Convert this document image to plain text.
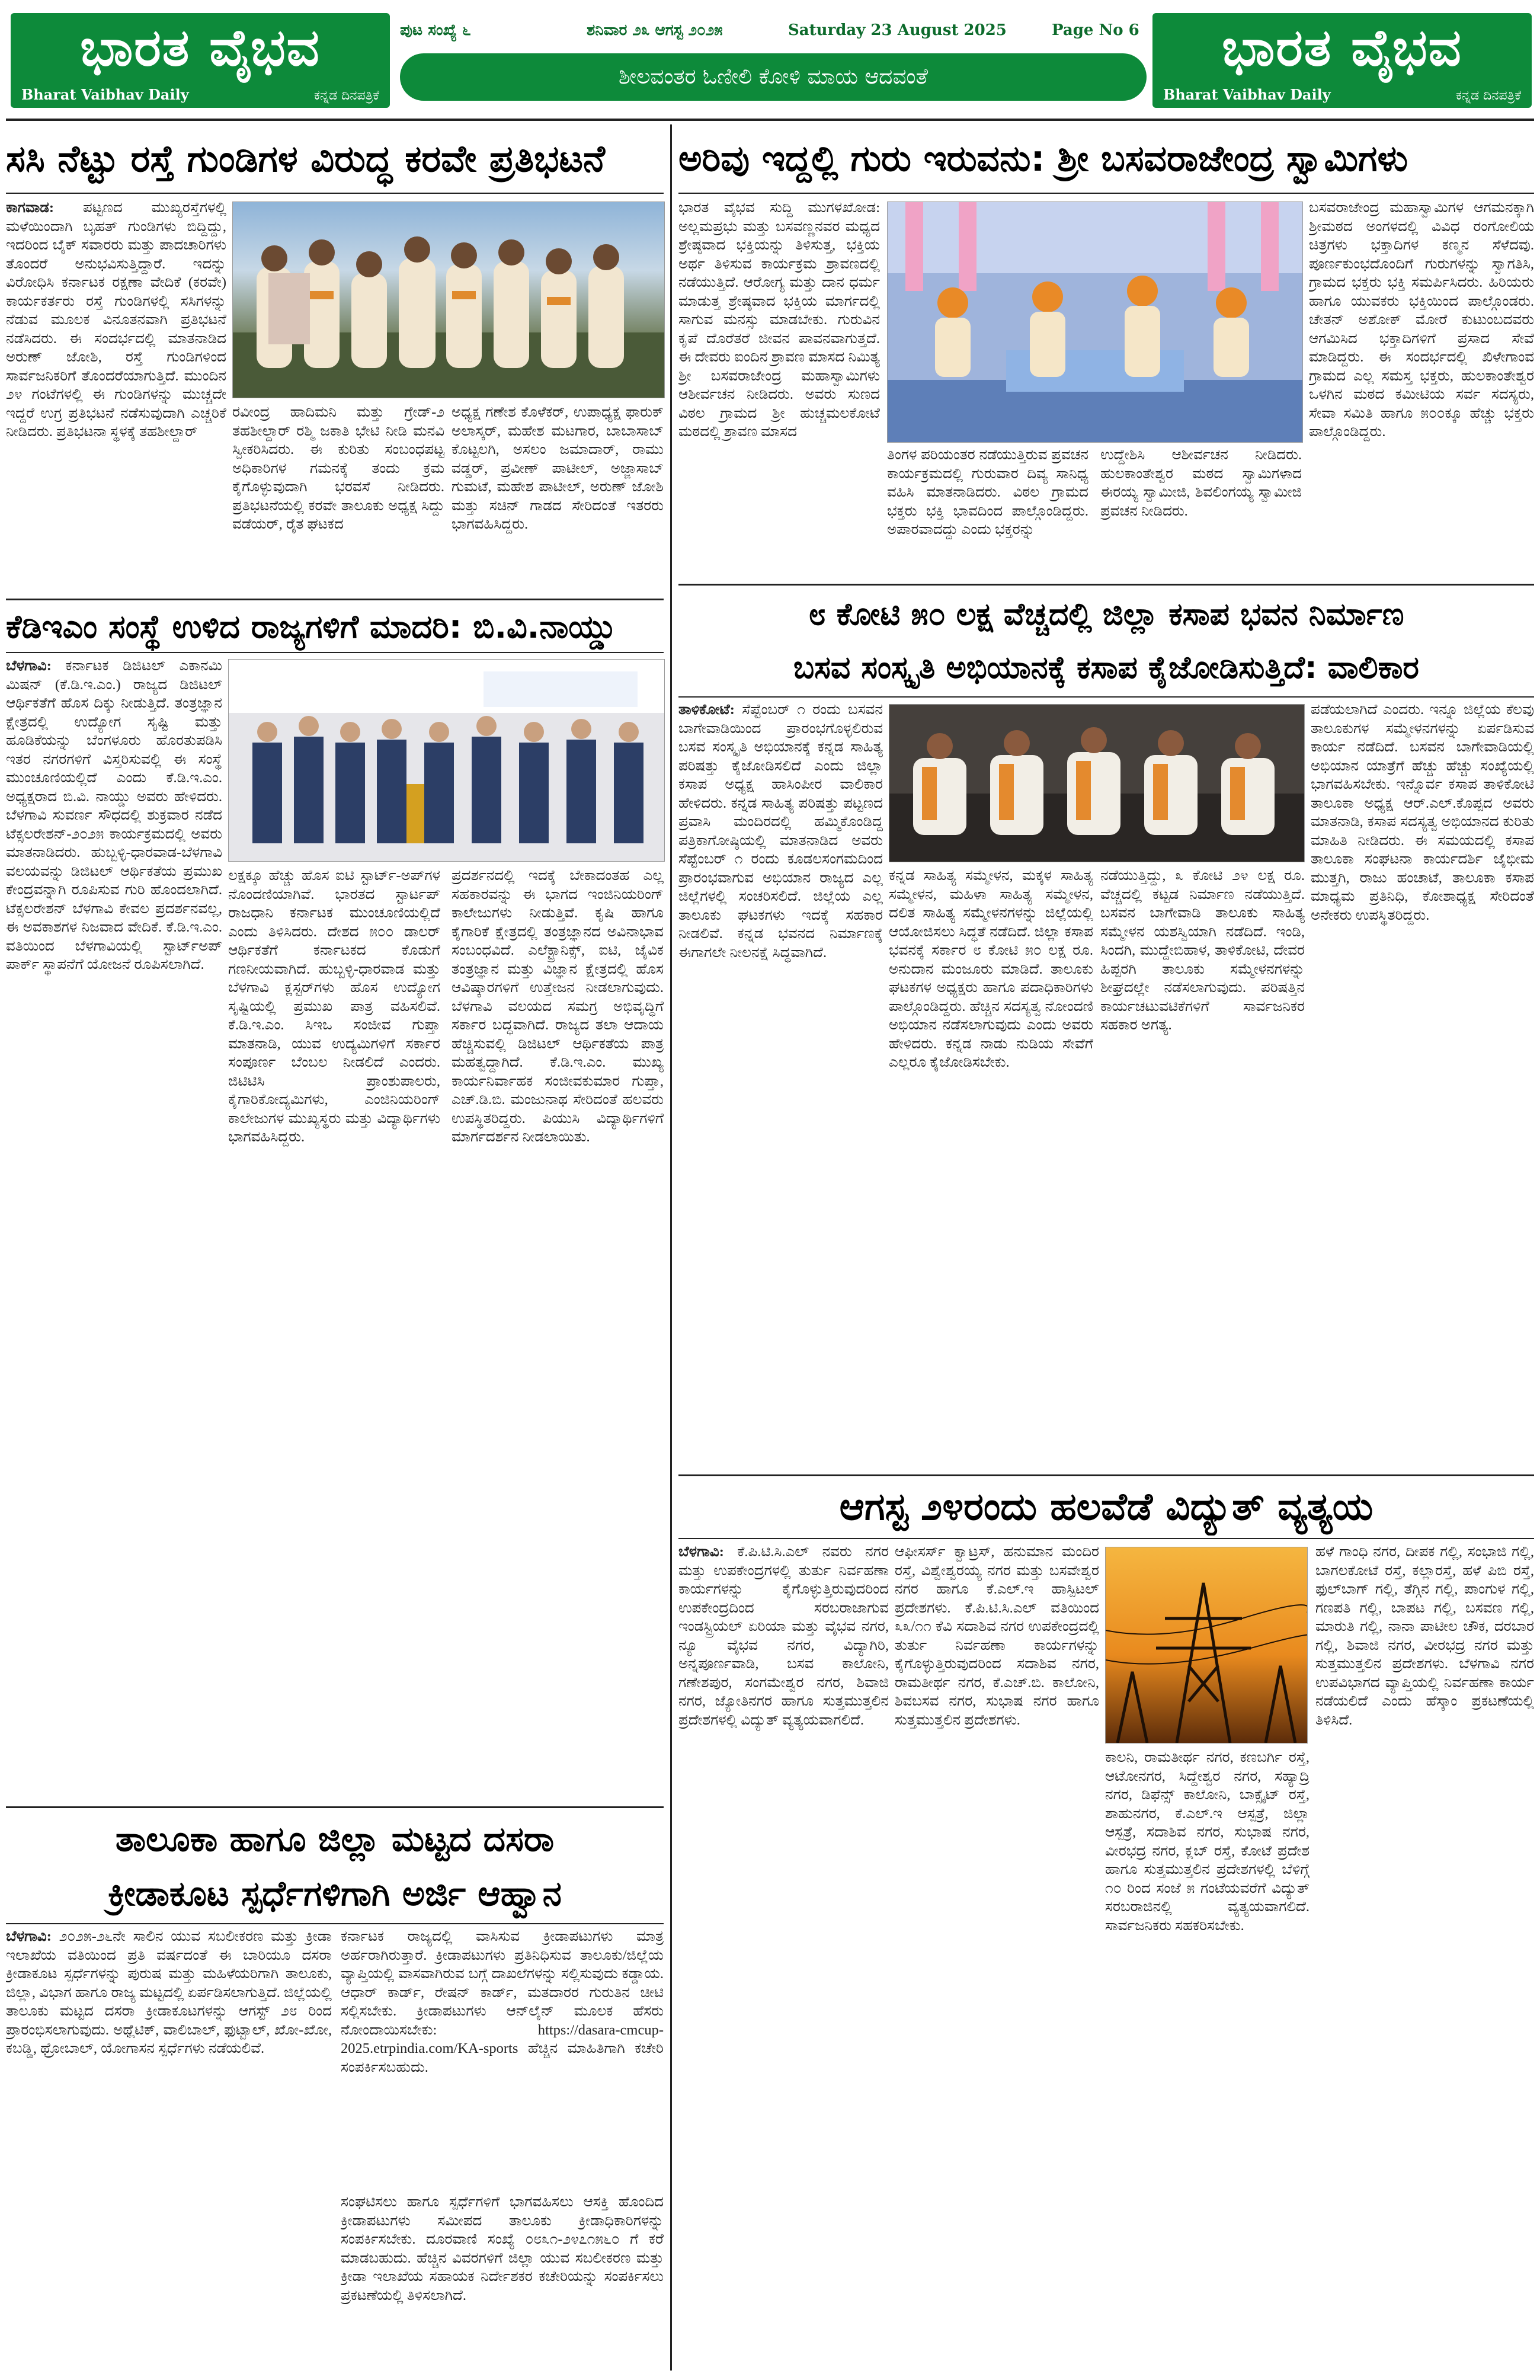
ಭಾರತ ವೈಭವ
Bharat Vaibhav Daily	ಕನ್ನಡ ದಿನಪತ್ರಿಕೆ
ಪುಟ ಸಂಖ್ಯೆ ೬	ಶನಿವಾರ ೨೩ ಆಗಸ್ಟ ೨೦೨೫	Saturday 23 August 2025	Page No 6
ಶೀಲವಂತರ ಓಣೀಲಿ ಕೋಳಿ ಮಾಯ ಆದವಂತೆ	ಭಾರತ ವೈಭವ
Bharat Vaibhav Daily	ಕನ್ನಡ ದಿನಪತ್ರಿಕೆ
ಸಸಿ ನೆಟ್ಟು ರಸ್ತೆ ಗುಂಡಿಗಳ ವಿರುದ್ಧ ಕರವೇ ಪ್ರತಿಭಟನೆ
ಕಾಗವಾಡ: ಪಟ್ಟಣದ ಮುಖ್ಯರಸ್ತೆಗಳಲ್ಲಿ ಮಳೆಯಿಂದಾಗಿ ಬೃಹತ್ ಗುಂಡಿಗಳು ಬಿದ್ದಿದ್ದು, ಇದರಿಂದ ಬೈಕ್ ಸವಾರರು ಮತ್ತು ಪಾದಚಾರಿಗಳು ತೊಂದರೆ ಅನುಭವಿಸುತ್ತಿದ್ದಾರೆ. ಇದನ್ನು ವಿರೋಧಿಸಿ ಕರ್ನಾಟಕ ರಕ್ಷಣಾ ವೇದಿಕೆ (ಕರವೇ) ಕಾರ್ಯಕರ್ತರು ರಸ್ತೆ ಗುಂಡಿಗಳಲ್ಲಿ ಸಸಿಗಳನ್ನು ನೆಡುವ ಮೂಲಕ ವಿನೂತನವಾಗಿ ಪ್ರತಿಭಟನೆ ನಡೆಸಿದರು. ಈ ಸಂದರ್ಭದಲ್ಲಿ ಮಾತನಾಡಿದ ಅರುಣ್ ಜೋಶಿ, ರಸ್ತೆ ಗುಂಡಿಗಳಿಂದ ಸಾರ್ವಜನಿಕರಿಗೆ ತೊಂದರೆಯಾಗುತ್ತಿದೆ. ಮುಂದಿನ ೨೪ ಗಂಟೆಗಳಲ್ಲಿ ಈ ಗುಂಡಿಗಳನ್ನು ಮುಚ್ಚದೇ ಇದ್ದರೆ ಉಗ್ರ ಪ್ರತಿಭಟನೆ ನಡೆಸುವುದಾಗಿ ಎಚ್ಚರಿಕೆ ನೀಡಿದರು. ಪ್ರತಿಭಟನಾ ಸ್ಥಳಕ್ಕೆ ತಹಶೀಲ್ದಾರ್
ರವೀಂದ್ರ ಹಾದಿಮನಿ ಮತ್ತು ಗ್ರೇಡ್-೨ ತಹಶೀಲ್ದಾರ್ ರಶ್ಮಿ ಜಕಾತಿ ಭೇಟಿ ನೀಡಿ ಮನವಿ ಸ್ವೀಕರಿಸಿದರು. ಈ ಕುರಿತು ಸಂಬಂಧಪಟ್ಟ ಅಧಿಕಾರಿಗಳ ಗಮನಕ್ಕೆ ತಂದು ಕ್ರಮ ಕೈಗೊಳ್ಳುವುದಾಗಿ ಭರವಸೆ ನೀಡಿದರು. ಪ್ರತಿಭಟನೆಯಲ್ಲಿ ಕರವೇ ತಾಲೂಕು ಅಧ್ಯಕ್ಷ ಸಿದ್ದು ವಡೆಯರ್, ರೈತ ಘಟಕದ
ಅಧ್ಯಕ್ಷ ಗಣೇಶ ಕೊಳೆಕರ್, ಉಪಾಧ್ಯಕ್ಷ ಫಾರುಕ್ ಅಲಾಸ್ಕರ್, ಮಹೇಶ ಮಟಗಾರ, ಬಾಬಾಸಾಬ್ ಕೊಟ್ಟಲಗಿ, ಅಸಲಂ ಜಮಾದಾರ್, ರಾಮು ವಡ್ಡರ್, ಪ್ರವೀಣ್ ಪಾಟೀಲ್, ಅಜ್ಜಾಸಾಬ್ ಗುಮಟೆ, ಮಹೇಶ ಪಾಟೀಲ್, ಅರುಣ್ ಜೋಶಿ ಮತ್ತು ಸಚಿನ್ ಗಾಡದ ಸೇರಿದಂತೆ ಇತರರು ಭಾಗವಹಿಸಿದ್ದರು.
ಕೆಡಿಇಎಂ ಸಂಸ್ಥೆ ಉಳಿದ ರಾಜ್ಯಗಳಿಗೆ ಮಾದರಿ: ಬಿ.ವಿ.ನಾಯ್ಡು
ಬೆಳಗಾವಿ: ಕರ್ನಾಟಕ ಡಿಜಿಟಲ್ ಎಕಾನಮಿ ಮಿಷನ್ (ಕೆ.ಡಿ.ಇ.ಎಂ.) ರಾಜ್ಯದ ಡಿಜಿಟಲ್ ಆರ್ಥಿಕತೆಗೆ ಹೊಸ ದಿಕ್ಕು ನೀಡುತ್ತಿದೆ. ತಂತ್ರಜ್ಞಾನ ಕ್ಷೇತ್ರದಲ್ಲಿ ಉದ್ಯೋಗ ಸೃಷ್ಟಿ ಮತ್ತು ಹೂಡಿಕೆಯನ್ನು ಬೆಂಗಳೂರು ಹೊರತುಪಡಿಸಿ ಇತರ ನಗರಗಳಿಗೆ ವಿಸ್ತರಿಸುವಲ್ಲಿ ಈ ಸಂಸ್ಥೆ ಮುಂಚೂಣಿಯಲ್ಲಿದೆ ಎಂದು ಕೆ.ಡಿ.ಇ.ಎಂ. ಅಧ್ಯಕ್ಷರಾದ ಬಿ.ವಿ. ನಾಯ್ಡು ಅವರು ಹೇಳಿದರು. ಬೆಳಗಾವಿ ಸುವರ್ಣ ಸೌಧದಲ್ಲಿ ಶುಕ್ರವಾರ ನಡೆದ ಟೆಕ್ಸಲರೇಶನ್-೨೦೨೫ ಕಾರ್ಯಕ್ರಮದಲ್ಲಿ ಅವರು ಮಾತನಾಡಿದರು. ಹುಬ್ಬಳ್ಳಿ-ಧಾರವಾಡ-ಬೆಳಗಾವಿ ವಲಯವನ್ನು ಡಿಜಿಟಲ್ ಆರ್ಥಿಕತೆಯ ಪ್ರಮುಖ ಕೇಂದ್ರವನ್ನಾಗಿ ರೂಪಿಸುವ ಗುರಿ ಹೊಂದಲಾಗಿದೆ. ಟೆಕ್ಸಲರೇಶನ್ ಬೆಳಗಾವಿ ಕೇವಲ ಪ್ರದರ್ಶನವಲ್ಲ, ಈ ಅವಕಾಶಗಳ ನಿಜವಾದ ವೇದಿಕೆ. ಕೆ.ಡಿ.ಇ.ಎಂ. ವತಿಯಿಂದ ಬೆಳಗಾವಿಯಲ್ಲಿ ಸ್ಟಾರ್ಟ್‌ಅಪ್ ಪಾರ್ಕ್ ಸ್ಥಾಪನೆಗೆ ಯೋಜನೆ ರೂಪಿಸಲಾಗಿದೆ.
ಲಕ್ಷಕ್ಕೂ ಹೆಚ್ಚು ಹೊಸ ಐಟಿ ಸ್ಟಾರ್ಟ್-ಅಪ್‌ಗಳ ನೊಂದಣಿಯಾಗಿವೆ. ಭಾರತದ ಸ್ಟಾರ್ಟಪ್ ರಾಜಧಾನಿ ಕರ್ನಾಟಕ ಮುಂಚೂಣಿಯಲ್ಲಿದೆ ಎಂದು ತಿಳಿಸಿದರು. ದೇಶದ ೫೦೦ ಡಾಲರ್ ಆರ್ಥಿಕತೆಗೆ ಕರ್ನಾಟಕದ ಕೊಡುಗೆ ಗಣನೀಯವಾಗಿದೆ. ಹುಬ್ಬಳ್ಳಿ-ಧಾರವಾಡ ಮತ್ತು ಬೆಳಗಾವಿ ಕ್ಲಸ್ಟರ್‌ಗಳು ಹೊಸ ಉದ್ಯೋಗ ಸೃಷ್ಟಿಯಲ್ಲಿ ಪ್ರಮುಖ ಪಾತ್ರ ವಹಿಸಲಿವೆ. ಕೆ.ಡಿ.ಇ.ಎಂ. ಸಿಇಒ ಸಂಜೀವ ಗುಪ್ತಾ ಮಾತನಾಡಿ, ಯುವ ಉದ್ಯಮಿಗಳಿಗೆ ಸರ್ಕಾರ ಸಂಪೂರ್ಣ ಬೆಂಬಲ ನೀಡಲಿದೆ ಎಂದರು. ಜಿಟಿಟಿಸಿ ಪ್ರಾಂಶುಪಾಲರು, ಕೈಗಾರಿಕೋದ್ಯಮಿಗಳು, ಎಂಜಿನಿಯರಿಂಗ್ ಕಾಲೇಜುಗಳ ಮುಖ್ಯಸ್ಥರು ಮತ್ತು ವಿದ್ಯಾರ್ಥಿಗಳು ಭಾಗವಹಿಸಿದ್ದರು.
ಪ್ರದರ್ಶನದಲ್ಲಿ ಇದಕ್ಕೆ ಬೇಕಾದಂತಹ ಎಲ್ಲ ಸಹಕಾರವನ್ನು ಈ ಭಾಗದ ಇಂಜಿನಿಯರಿಂಗ್ ಕಾಲೇಜುಗಳು ನೀಡುತ್ತಿವೆ. ಕೃಷಿ ಹಾಗೂ ಕೈಗಾರಿಕೆ ಕ್ಷೇತ್ರದಲ್ಲಿ ತಂತ್ರಜ್ಞಾನದ ಅವಿನಾಭಾವ ಸಂಬಂಧವಿದೆ. ಎಲೆಕ್ಟ್ರಾನಿಕ್ಸ್, ಐಟಿ, ಜೈವಿಕ ತಂತ್ರಜ್ಞಾನ ಮತ್ತು ವಿಜ್ಞಾನ ಕ್ಷೇತ್ರದಲ್ಲಿ ಹೊಸ ಆವಿಷ್ಕಾರಗಳಿಗೆ ಉತ್ತೇಜನ ನೀಡಲಾಗುವುದು. ಬೆಳಗಾವಿ ವಲಯದ ಸಮಗ್ರ ಅಭಿವೃದ್ಧಿಗೆ ಸರ್ಕಾರ ಬದ್ಧವಾಗಿದೆ. ರಾಜ್ಯದ ತಲಾ ಆದಾಯ ಹೆಚ್ಚಿಸುವಲ್ಲಿ ಡಿಜಿಟಲ್ ಆರ್ಥಿಕತೆಯ ಪಾತ್ರ ಮಹತ್ವದ್ದಾಗಿದೆ. ಕೆ.ಡಿ.ಇ.ಎಂ. ಮುಖ್ಯ ಕಾರ್ಯನಿರ್ವಾಹಕ ಸಂಜೀವಕುಮಾರ ಗುಪ್ತಾ, ಎಚ್.ಡಿ.ಬಿ. ಮಂಜುನಾಥ ಸೇರಿದಂತೆ ಹಲವರು ಉಪಸ್ಥಿತರಿದ್ದರು. ಪಿಯುಸಿ ವಿದ್ಯಾರ್ಥಿಗಳಿಗೆ ಮಾರ್ಗದರ್ಶನ ನೀಡಲಾಯಿತು.
ತಾಲೂಕಾ ಹಾಗೂ ಜಿಲ್ಲಾ ಮಟ್ಟದ ದಸರಾ
ಕ್ರೀಡಾಕೂಟ ಸ್ಪರ್ಧೆಗಳಿಗಾಗಿ ಅರ್ಜಿ ಆಹ್ವಾನ
ಬೆಳಗಾವಿ: ೨೦೨೫-೨೬ನೇ ಸಾಲಿನ ಯುವ ಸಬಲೀಕರಣ ಮತ್ತು ಕ್ರೀಡಾ ಇಲಾಖೆಯ ವತಿಯಿಂದ ಪ್ರತಿ ವರ್ಷದಂತೆ ಈ ಬಾರಿಯೂ ದಸರಾ ಕ್ರೀಡಾಕೂಟ ಸ್ಪರ್ಧೆಗಳನ್ನು ಪುರುಷ ಮತ್ತು ಮಹಿಳೆಯರಿಗಾಗಿ ತಾಲೂಕು, ಜಿಲ್ಲಾ, ವಿಭಾಗ ಹಾಗೂ ರಾಜ್ಯ ಮಟ್ಟದಲ್ಲಿ ಏರ್ಪಡಿಸಲಾಗುತ್ತಿದೆ. ಜಿಲ್ಲೆಯಲ್ಲಿ ತಾಲೂಕು ಮಟ್ಟದ ದಸರಾ ಕ್ರೀಡಾಕೂಟಗಳನ್ನು ಆಗಸ್ಟ್ ೨೮ ರಿಂದ ಪ್ರಾರಂಭಿಸಲಾಗುವುದು. ಅಥ್ಲೆಟಿಕ್, ವಾಲಿಬಾಲ್, ಫುಟ್ಬಾಲ್, ಖೋ-ಖೋ, ಕಬಡ್ಡಿ, ಥ್ರೋಬಾಲ್, ಯೋಗಾಸನ ಸ್ಪರ್ಧೆಗಳು ನಡೆಯಲಿವೆ.
ಕರ್ನಾಟಕ ರಾಜ್ಯದಲ್ಲಿ ವಾಸಿಸುವ ಕ್ರೀಡಾಪಟುಗಳು ಮಾತ್ರ ಅರ್ಹರಾಗಿರುತ್ತಾರೆ. ಕ್ರೀಡಾಪಟುಗಳು ಪ್ರತಿನಿಧಿಸುವ ತಾಲೂಕು/ಜಿಲ್ಲೆಯ ವ್ಯಾಪ್ತಿಯಲ್ಲಿ ವಾಸವಾಗಿರುವ ಬಗ್ಗೆ ದಾಖಲೆಗಳನ್ನು ಸಲ್ಲಿಸುವುದು ಕಡ್ಡಾಯ. ಆಧಾರ್ ಕಾರ್ಡ್, ರೇಷನ್ ಕಾರ್ಡ್, ಮತದಾರರ ಗುರುತಿನ ಚೀಟಿ ಸಲ್ಲಿಸಬೇಕು. ಕ್ರೀಡಾಪಟುಗಳು ಆನ್‌ಲೈನ್ ಮೂಲಕ ಹೆಸರು ನೋಂದಾಯಿಸಬೇಕು: https://dasara-cmcup-2025.etrpindia.com/KA-sports ಹೆಚ್ಚಿನ ಮಾಹಿತಿಗಾಗಿ ಕಚೇರಿ ಸಂಪರ್ಕಿಸಬಹುದು.
ಸಂಘಟಿಸಲು ಹಾಗೂ ಸ್ಪರ್ಧೆಗಳಿಗೆ ಭಾಗವಹಿಸಲು ಆಸಕ್ತಿ ಹೊಂದಿದ ಕ್ರೀಡಾಪಟುಗಳು ಸಮೀಪದ ತಾಲೂಕು ಕ್ರೀಡಾಧಿಕಾರಿಗಳನ್ನು ಸಂಪರ್ಕಿಸಬೇಕು. ದೂರವಾಣಿ ಸಂಖ್ಯೆ ೦೮೩೧-೨೪೭೧೫೬೦ ಗೆ ಕರೆ ಮಾಡಬಹುದು. ಹೆಚ್ಚಿನ ವಿವರಗಳಿಗೆ ಜಿಲ್ಲಾ ಯುವ ಸಬಲೀಕರಣ ಮತ್ತು ಕ್ರೀಡಾ ಇಲಾಖೆಯ ಸಹಾಯಕ ನಿರ್ದೇಶಕರ ಕಚೇರಿಯನ್ನು ಸಂಪರ್ಕಿಸಲು ಪ್ರಕಟಣೆಯಲ್ಲಿ ತಿಳಿಸಲಾಗಿದೆ.
ಅರಿವು ಇದ್ದಲ್ಲಿ ಗುರು ಇರುವನು: ಶ್ರೀ ಬಸವರಾಜೇಂದ್ರ ಸ್ವಾಮಿಗಳು
ಭಾರತ ವೈಭವ ಸುದ್ದಿ ಮುಗಳಖೋಡ: ಅಲ್ಲಮಪ್ರಭು ಮತ್ತು ಬಸವಣ್ಣನವರ ಮಧ್ಯದ ಶ್ರೇಷ್ಠವಾದ ಭಕ್ತಿಯನ್ನು ತಿಳಿಸುತ್ತ, ಭಕ್ತಿಯ ಅರ್ಥ ತಿಳಿಸುವ ಕಾರ್ಯಕ್ರಮ ಶ್ರಾವಣದಲ್ಲಿ ನಡೆಯುತ್ತಿದೆ. ಆರೋಗ್ಯ ಮತ್ತು ದಾನ ಧರ್ಮ ಮಾಡುತ್ತ ಶ್ರೇಷ್ಠವಾದ ಭಕ್ತಿಯ ಮಾರ್ಗದಲ್ಲಿ ಸಾಗುವ ಮನಸ್ಸು ಮಾಡಬೇಕು. ಗುರುವಿನ ಕೃಪೆ ದೊರೆತರೆ ಜೀವನ ಪಾವನವಾಗುತ್ತದೆ. ಈ ದೇವರು ಐಂದಿನ ಶ್ರಾವಣ ಮಾಸದ ನಿಮಿತ್ಯ ಶ್ರೀ ಬಸವರಾಜೇಂದ್ರ ಮಹಾಸ್ವಾಮಿಗಳು ಆಶೀರ್ವಚನ ನೀಡಿದರು. ಅವರು ಸುಣದ ವಿಠಲ ಗ್ರಾಮದ ಶ್ರೀ ಹುಚ್ಚಮಲಕೋಟೆ ಮಠದಲ್ಲಿ ಶ್ರಾವಣ ಮಾಸದ
ತಿಂಗಳ ಪರಿಯಂತರ ನಡೆಯುತ್ತಿರುವ ಪ್ರವಚನ ಕಾರ್ಯಕ್ರಮದಲ್ಲಿ ಗುರುವಾರ ದಿವ್ಯ ಸಾನಿಧ್ಯ ವಹಿಸಿ ಮಾತನಾಡಿದರು. ವಿಠಲ ಗ್ರಾಮದ ಭಕ್ತರು ಭಕ್ತಿ ಭಾವದಿಂದ ಪಾಲ್ಗೊಂಡಿದ್ದರು. ಅಪಾರವಾದದ್ದು ಎಂದು ಭಕ್ತರನ್ನು
ಉದ್ದೇಶಿಸಿ ಆಶೀರ್ವಚನ ನೀಡಿದರು. ಹುಲಕಾಂತೇಶ್ವರ ಮಠದ ಸ್ವಾಮಿಗಳಾದ ಈರಯ್ಯ ಸ್ವಾಮೀಜಿ, ಶಿವಲಿಂಗಯ್ಯ ಸ್ವಾಮೀಜಿ ಪ್ರವಚನ ನೀಡಿದರು.
ಬಸವರಾಜೇಂದ್ರ ಮಹಾಸ್ವಾಮಿಗಳ ಆಗಮನಕ್ಕಾಗಿ ಶ್ರೀಮಠದ ಅಂಗಳದಲ್ಲಿ ವಿವಿಧ ರಂಗೋಲಿಯ ಚಿತ್ರಗಳು ಭಕ್ತಾದಿಗಳ ಕಣ್ಮನ ಸೆಳೆದವು. ಪೂರ್ಣಕುಂಭದೊಂದಿಗೆ ಗುರುಗಳನ್ನು ಸ್ವಾಗತಿಸಿ, ಗ್ರಾಮದ ಭಕ್ತರು ಭಕ್ತಿ ಸಮರ್ಪಿಸಿದರು. ಹಿರಿಯರು ಹಾಗೂ ಯುವಕರು ಭಕ್ತಿಯಿಂದ ಪಾಲ್ಗೊಂಡರು. ಚೇತನ್ ಅಶೋಕ್ ಮೋರೆ ಕುಟುಂಬದವರು ಆಗಮಿಸಿದ ಭಕ್ತಾದಿಗಳಿಗೆ ಪ್ರಸಾದ ಸೇವೆ ಮಾಡಿದ್ದರು. ಈ ಸಂದರ್ಭದಲ್ಲಿ ಖಿಳೇಗಾಂವ ಗ್ರಾಮದ ಎಲ್ಲ ಸಮಸ್ತ ಭಕ್ತರು, ಹುಲಕಾಂತೇಶ್ವರ ಒಳಗಿನ ಮಠದ ಕಮೀಟಿಯ ಸರ್ವ ಸದಸ್ಯರು, ಸೇವಾ ಸಮಿತಿ ಹಾಗೂ ೫೦೦ಕ್ಕೂ ಹೆಚ್ಚು ಭಕ್ತರು ಪಾಲ್ಗೊಂಡಿದ್ದರು.
೮ ಕೋಟಿ ೫೦ ಲಕ್ಷ ವೆಚ್ಚದಲ್ಲಿ ಜಿಲ್ಲಾ ಕಸಾಪ ಭವನ ನಿರ್ಮಾಣ
ಬಸವ ಸಂಸ್ಕೃತಿ ಅಭಿಯಾನಕ್ಕೆ ಕಸಾಪ ಕೈಜೋಡಿಸುತ್ತಿದೆ: ವಾಲಿಕಾರ
ತಾಳಿಕೋಟೆ: ಸೆಪ್ಟೆಂಬರ್ ೧ ರಂದು ಬಸವನ ಬಾಗೇವಾಡಿಯಿಂದ ಪ್ರಾರಂಭಗೊಳ್ಳಲಿರುವ ಬಸವ ಸಂಸ್ಕೃತಿ ಅಭಿಯಾನಕ್ಕೆ ಕನ್ನಡ ಸಾಹಿತ್ಯ ಪರಿಷತ್ತು ಕೈಜೋಡಿಸಲಿದೆ ಎಂದು ಜಿಲ್ಲಾ ಕಸಾಪ ಅಧ್ಯಕ್ಷ ಹಾಸಿಂಪೀರ ವಾಲಿಕಾರ ಹೇಳಿದರು. ಕನ್ನಡ ಸಾಹಿತ್ಯ ಪರಿಷತ್ತು ಪಟ್ಟಣದ ಪ್ರವಾಸಿ ಮಂದಿರದಲ್ಲಿ ಹಮ್ಮಿಕೊಂಡಿದ್ದ ಪತ್ರಿಕಾಗೋಷ್ಠಿಯಲ್ಲಿ ಮಾತನಾಡಿದ ಅವರು ಸೆಪ್ಟೆಂಬರ್ ೧ ರಂದು ಕೂಡಲಸಂಗಮದಿಂದ ಪ್ರಾರಂಭವಾಗುವ ಅಭಿಯಾನ ರಾಜ್ಯದ ಎಲ್ಲ ಜಿಲ್ಲೆಗಳಲ್ಲಿ ಸಂಚರಿಸಲಿದೆ. ಜಿಲ್ಲೆಯ ಎಲ್ಲ ತಾಲೂಕು ಘಟಕಗಳು ಇದಕ್ಕೆ ಸಹಕಾರ ನೀಡಲಿವೆ. ಕನ್ನಡ ಭವನದ ನಿರ್ಮಾಣಕ್ಕೆ ಈಗಾಗಲೇ ನೀಲನಕ್ಷೆ ಸಿದ್ಧವಾಗಿದೆ.
ಕನ್ನಡ ಸಾಹಿತ್ಯ ಸಮ್ಮೇಳನ, ಮಕ್ಕಳ ಸಾಹಿತ್ಯ ಸಮ್ಮೇಳನ, ಮಹಿಳಾ ಸಾಹಿತ್ಯ ಸಮ್ಮೇಳನ, ದಲಿತ ಸಾಹಿತ್ಯ ಸಮ್ಮೇಳನಗಳನ್ನು ಜಿಲ್ಲೆಯಲ್ಲಿ ಆಯೋಜಿಸಲು ಸಿದ್ಧತೆ ನಡೆದಿದೆ. ಜಿಲ್ಲಾ ಕಸಾಪ ಭವನಕ್ಕೆ ಸರ್ಕಾರ ೮ ಕೋಟಿ ೫೦ ಲಕ್ಷ ರೂ. ಅನುದಾನ ಮಂಜೂರು ಮಾಡಿದೆ. ತಾಲೂಕು ಘಟಕಗಳ ಅಧ್ಯಕ್ಷರು ಹಾಗೂ ಪದಾಧಿಕಾರಿಗಳು ಪಾಲ್ಗೊಂಡಿದ್ದರು. ಹೆಚ್ಚಿನ ಸದಸ್ಯತ್ವ ನೋಂದಣಿ ಅಭಿಯಾನ ನಡೆಸಲಾಗುವುದು ಎಂದು ಅವರು ಹೇಳಿದರು. ಕನ್ನಡ ನಾಡು ನುಡಿಯ ಸೇವೆಗೆ ಎಲ್ಲರೂ ಕೈಜೋಡಿಸಬೇಕು.
ನಡೆಯುತ್ತಿದ್ದು, ೩ ಕೋಟಿ ೨೪ ಲಕ್ಷ ರೂ. ವೆಚ್ಚದಲ್ಲಿ ಕಟ್ಟಡ ನಿರ್ಮಾಣ ನಡೆಯುತ್ತಿದೆ. ಬಸವನ ಬಾಗೇವಾಡಿ ತಾಲೂಕು ಸಾಹಿತ್ಯ ಸಮ್ಮೇಳನ ಯಶಸ್ವಿಯಾಗಿ ನಡೆದಿದೆ. ಇಂಡಿ, ಸಿಂದಗಿ, ಮುದ್ದೇಬಿಹಾಳ, ತಾಳಿಕೋಟಿ, ದೇವರ ಹಿಪ್ಪರಗಿ ತಾಲೂಕು ಸಮ್ಮೇಳನಗಳನ್ನು ಶೀಘ್ರದಲ್ಲೇ ನಡೆಸಲಾಗುವುದು. ಪರಿಷತ್ತಿನ ಕಾರ್ಯಚಟುವಟಿಕೆಗಳಿಗೆ ಸಾರ್ವಜನಿಕರ ಸಹಕಾರ ಅಗತ್ಯ.
ಪಡೆಯಲಾಗಿದೆ ಎಂದರು. ಇನ್ನೂ ಜಿಲ್ಲೆಯ ಕೆಲವು ತಾಲೂಕುಗಳ ಸಮ್ಮೇಳನಗಳನ್ನು ಏರ್ಪಡಿಸುವ ಕಾರ್ಯ ನಡೆದಿದೆ. ಬಸವನ ಬಾಗೇವಾಡಿಯಲ್ಲಿ ಅಭಿಯಾನ ಯಾತ್ರೆಗೆ ಹೆಚ್ಚು ಹೆಚ್ಚು ಸಂಖ್ಯೆಯಲ್ಲಿ ಭಾಗವಹಿಸಬೇಕು. ಇನ್ನೊರ್ವ ಕಸಾಪ ತಾಳಿಕೋಟಿ ತಾಲೂಕಾ ಅಧ್ಯಕ್ಷ ಆರ್.ಎಲ್.ಕೊಪ್ಪದ ಅವರು ಮಾತನಾಡಿ, ಕಸಾಪ ಸದಸ್ಯತ್ವ ಅಭಿಯಾನದ ಕುರಿತು ಮಾಹಿತಿ ನೀಡಿದರು. ಈ ಸಮಯದಲ್ಲಿ ಕಸಾಪ ತಾಲೂಕಾ ಸಂಘಟನಾ ಕಾರ್ಯದರ್ಶಿ ಜೈಭೀಮ ಮುತ್ತಗಿ, ರಾಜು ಹಂಚಾಟೆ, ತಾಲೂಕಾ ಕಸಾಪ ಮಾಧ್ಯಮ ಪ್ರತಿನಿಧಿ, ಕೋಶಾಧ್ಯಕ್ಷ ಸೇರಿದಂತೆ ಅನೇಕರು ಉಪಸ್ಥಿತರಿದ್ದರು.
ಆಗಸ್ಟ ೨೪ರಂದು ಹಲವೆಡೆ ವಿದ್ಯುತ್ ವ್ಯತ್ಯಯ
ಬೆಳಗಾವಿ: ಕೆ.ಪಿ.ಟಿ.ಸಿ.ಎಲ್ ನವರು ನಗರ ಮತ್ತು ಉಪಕೇಂದ್ರಗಳಲ್ಲಿ ತುರ್ತು ನಿರ್ವಹಣಾ ಕಾರ್ಯಗಳನ್ನು ಕೈಗೊಳ್ಳುತ್ತಿರುವುದರಿಂದ ಉಪಕೇಂದ್ರದಿಂದ ಸರಬರಾಜಾಗುವ ಇಂಡಸ್ಟ್ರಿಯಲ್ ಏರಿಯಾ ಮತ್ತು ವೈಭವ ನಗರ, ನ್ಯೂ ವೈಭವ ನಗರ, ವಿದ್ಯಾಗಿರಿ, ಅನ್ನಪೂರ್ಣವಾಡಿ, ಬಸವ ಕಾಲೋನಿ, ಗಣೇಶಪುರ, ಸಂಗಮೇಶ್ವರ ನಗರ, ಶಿವಾಜಿ ನಗರ, ಜ್ಯೋತಿನಗರ ಹಾಗೂ ಸುತ್ತಮುತ್ತಲಿನ ಪ್ರದೇಶಗಳಲ್ಲಿ ವಿದ್ಯುತ್ ವ್ಯತ್ಯಯವಾಗಲಿದೆ.
ಆಫೀಸರ್ಸ್ ಕ್ವಾಟ್ರಸ್, ಹನುಮಾನ ಮಂದಿರ ರಸ್ತೆ, ವಿಶ್ವೇಶ್ವರಯ್ಯ ನಗರ ಮತ್ತು ಬಸವೇಶ್ವರ ನಗರ ಹಾಗೂ ಕೆ.ಎಲ್.ಇ ಹಾಸ್ಪಿಟಲ್ ಪ್ರದೇಶಗಳು. ಕೆ.ಪಿ.ಟಿ.ಸಿ.ಎಲ್ ವತಿಯಿಂದ ೩೩/೧೧ ಕೆವಿ ಸದಾಶಿವ ನಗರ ಉಪಕೇಂದ್ರದಲ್ಲಿ ತುರ್ತು ನಿರ್ವಹಣಾ ಕಾರ್ಯಗಳನ್ನು ಕೈಗೊಳ್ಳುತ್ತಿರುವುದರಿಂದ ಸದಾಶಿವ ನಗರ, ರಾಮತೀರ್ಥ ನಗರ, ಕೆ.ಎಚ್.ಬಿ. ಕಾಲೋನಿ, ಶಿವಬಸವ ನಗರ, ಸುಭಾಷ ನಗರ ಹಾಗೂ ಸುತ್ತಮುತ್ತಲಿನ ಪ್ರದೇಶಗಳು.
ಕಾಲನಿ, ರಾಮತೀರ್ಥ ನಗರ, ಕಣಬರ್ಗಿ ರಸ್ತೆ, ಆಟೋನಗರ, ಸಿದ್ದೇಶ್ವರ ನಗರ, ಸಹ್ಯಾದ್ರಿ ನಗರ, ಡಿಫೆನ್ಸ್ ಕಾಲೋನಿ, ಬಾಕ್ಸೈಟ್ ರಸ್ತೆ, ಶಾಹುನಗರ, ಕೆ.ಎಲ್.ಇ ಆಸ್ಪತ್ರೆ, ಜಿಲ್ಲಾ ಆಸ್ಪತ್ರೆ, ಸದಾಶಿವ ನಗರ, ಸುಭಾಷ ನಗರ, ವೀರಭದ್ರ ನಗರ, ಕ್ಲಬ್ ರಸ್ತೆ, ಕೋಟೆ ಪ್ರದೇಶ ಹಾಗೂ ಸುತ್ತಮುತ್ತಲಿನ ಪ್ರದೇಶಗಳಲ್ಲಿ ಬೆಳಿಗ್ಗೆ ೧೦ ರಿಂದ ಸಂಜೆ ೫ ಗಂಟೆಯವರೆಗೆ ವಿದ್ಯುತ್ ಸರಬರಾಜಿನಲ್ಲಿ ವ್ಯತ್ಯಯವಾಗಲಿದೆ. ಸಾರ್ವಜನಿಕರು ಸಹಕರಿಸಬೇಕು.
ಹಳೆ ಗಾಂಧಿ ನಗರ, ದೀಪಕ ಗಲ್ಲಿ, ಸಂಭಾಜಿ ಗಲ್ಲಿ, ಬಾಗಲಕೋಟೆ ರಸ್ತೆ, ಕಲ್ಲಾರಸ್ತೆ, ಹಳೆ ಪಿಬಿ ರಸ್ತೆ, ಫುಲ್‌ಬಾಗ್ ಗಲ್ಲಿ, ತೆಗ್ಗಿನ ಗಲ್ಲಿ, ಪಾಂಗುಳ ಗಲ್ಲಿ, ಗಣಪತಿ ಗಲ್ಲಿ, ಬಾಪಟ ಗಲ್ಲಿ, ಬಸವಣ ಗಲ್ಲಿ, ಮಾರುತಿ ಗಲ್ಲಿ, ನಾನಾ ಪಾಟೀಲ ಚೌಕ, ದರಬಾರ ಗಲ್ಲಿ, ಶಿವಾಜಿ ನಗರ, ವೀರಭದ್ರ ನಗರ ಮತ್ತು ಸುತ್ತಮುತ್ತಲಿನ ಪ್ರದೇಶಗಳು. ಬೆಳಗಾವಿ ನಗರ ಉಪವಿಭಾಗದ ವ್ಯಾಪ್ತಿಯಲ್ಲಿ ನಿರ್ವಹಣಾ ಕಾರ್ಯ ನಡೆಯಲಿದೆ ಎಂದು ಹೆಸ್ಕಾಂ ಪ್ರಕಟಣೆಯಲ್ಲಿ ತಿಳಿಸಿದೆ.
